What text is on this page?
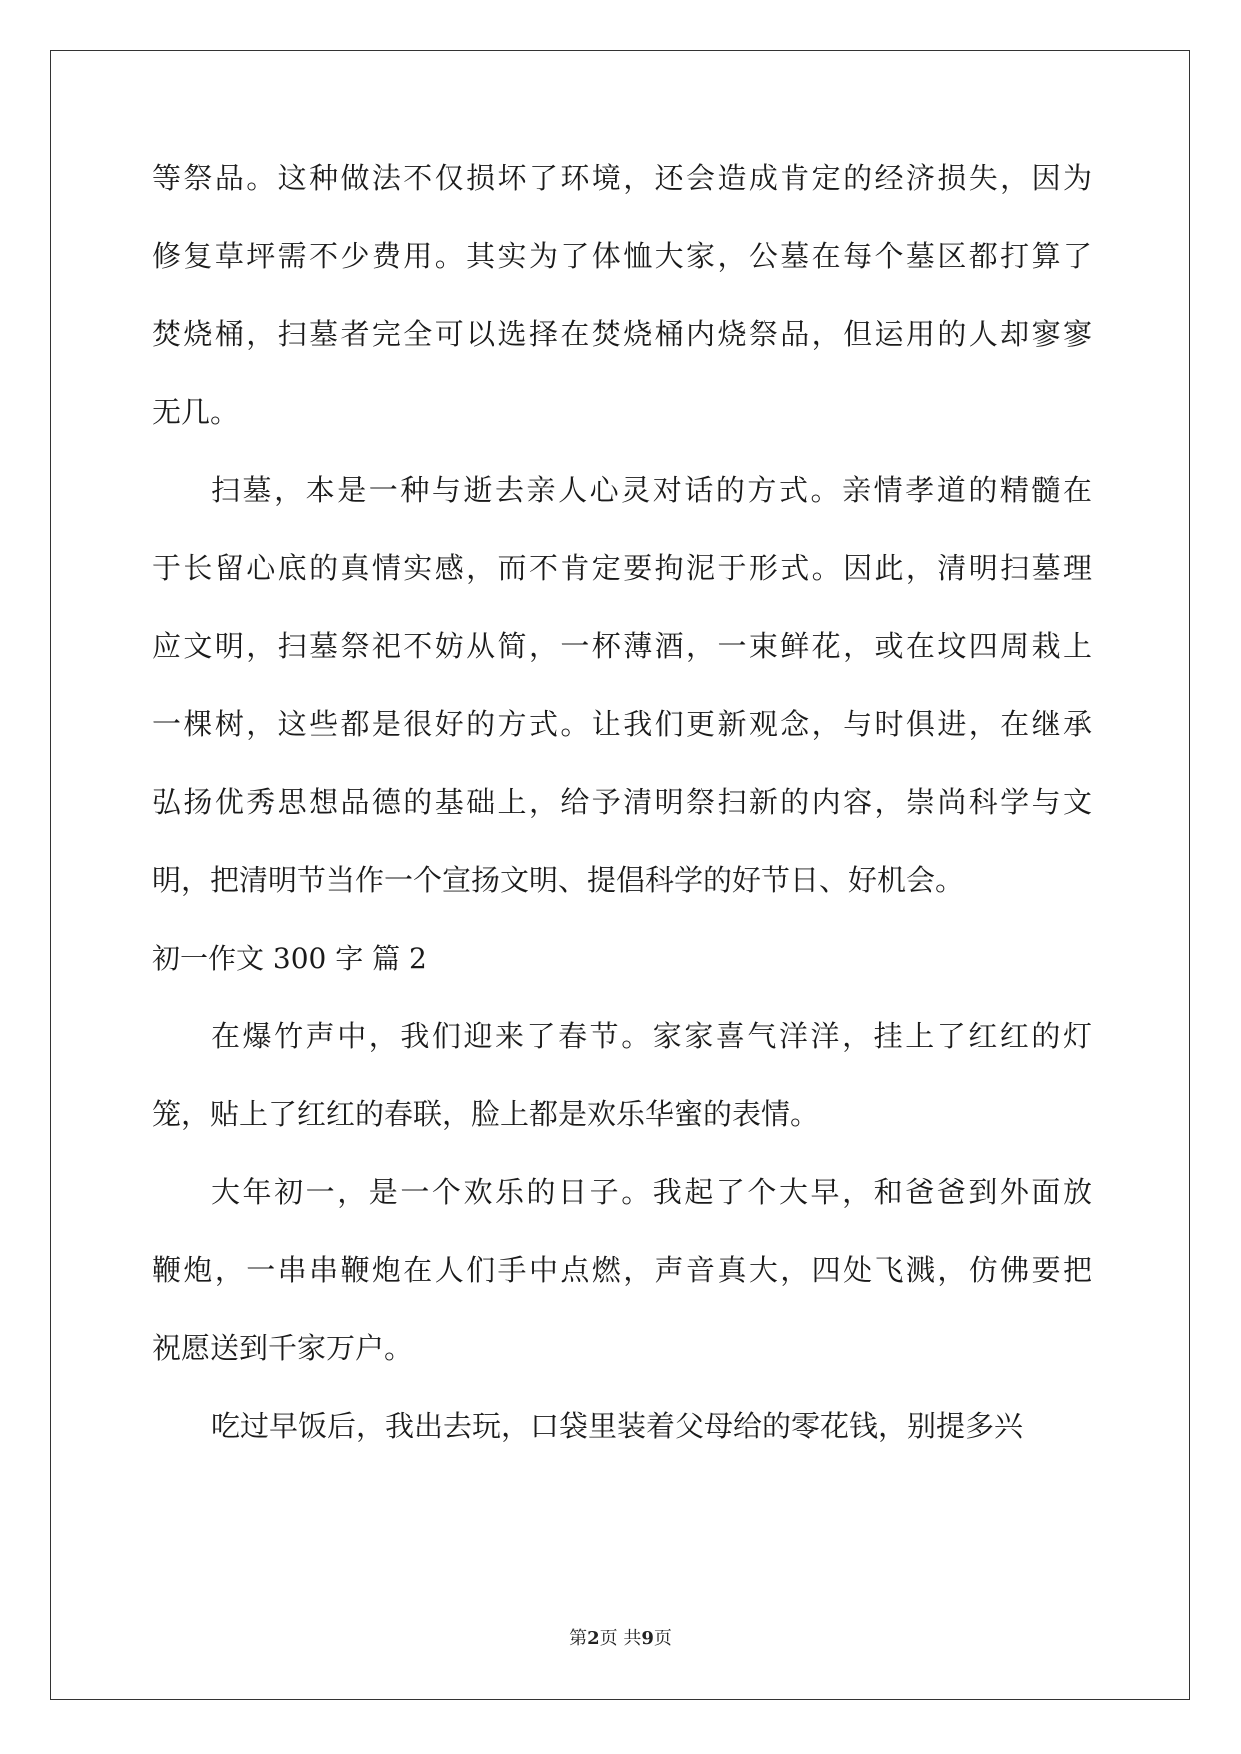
等祭品。这种做法不仅损坏了环境，还会造成肯定的经济损失，因为
修复草坪需不少费用。其实为了体恤大家，公墓在每个墓区都打算了
焚烧桶，扫墓者完全可以选择在焚烧桶内烧祭品，但运用的人却寥寥
无几。
扫墓，本是一种与逝去亲人心灵对话的方式。亲情孝道的精髓在
于长留心底的真情实感，而不肯定要拘泥于形式。因此，清明扫墓理
应文明，扫墓祭祀不妨从简，一杯薄酒，一束鲜花，或在坟四周栽上
一棵树，这些都是很好的方式。让我们更新观念，与时俱进，在继承
弘扬优秀思想品德的基础上，给予清明祭扫新的内容，崇尚科学与文
明，把清明节当作一个宣扬文明、提倡科学的好节日、好机会。
初一作文 300 字 篇 2
在爆竹声中，我们迎来了春节。家家喜气洋洋，挂上了红红的灯
笼，贴上了红红的春联，脸上都是欢乐华蜜的表情。
大年初一，是一个欢乐的日子。我起了个大早，和爸爸到外面放
鞭炮，一串串鞭炮在人们手中点燃，声音真大，四处飞溅，仿佛要把
祝愿送到千家万户。
吃过早饭后，我出去玩，口袋里装着父母给的零花钱，别提多兴
第2页 共9页
